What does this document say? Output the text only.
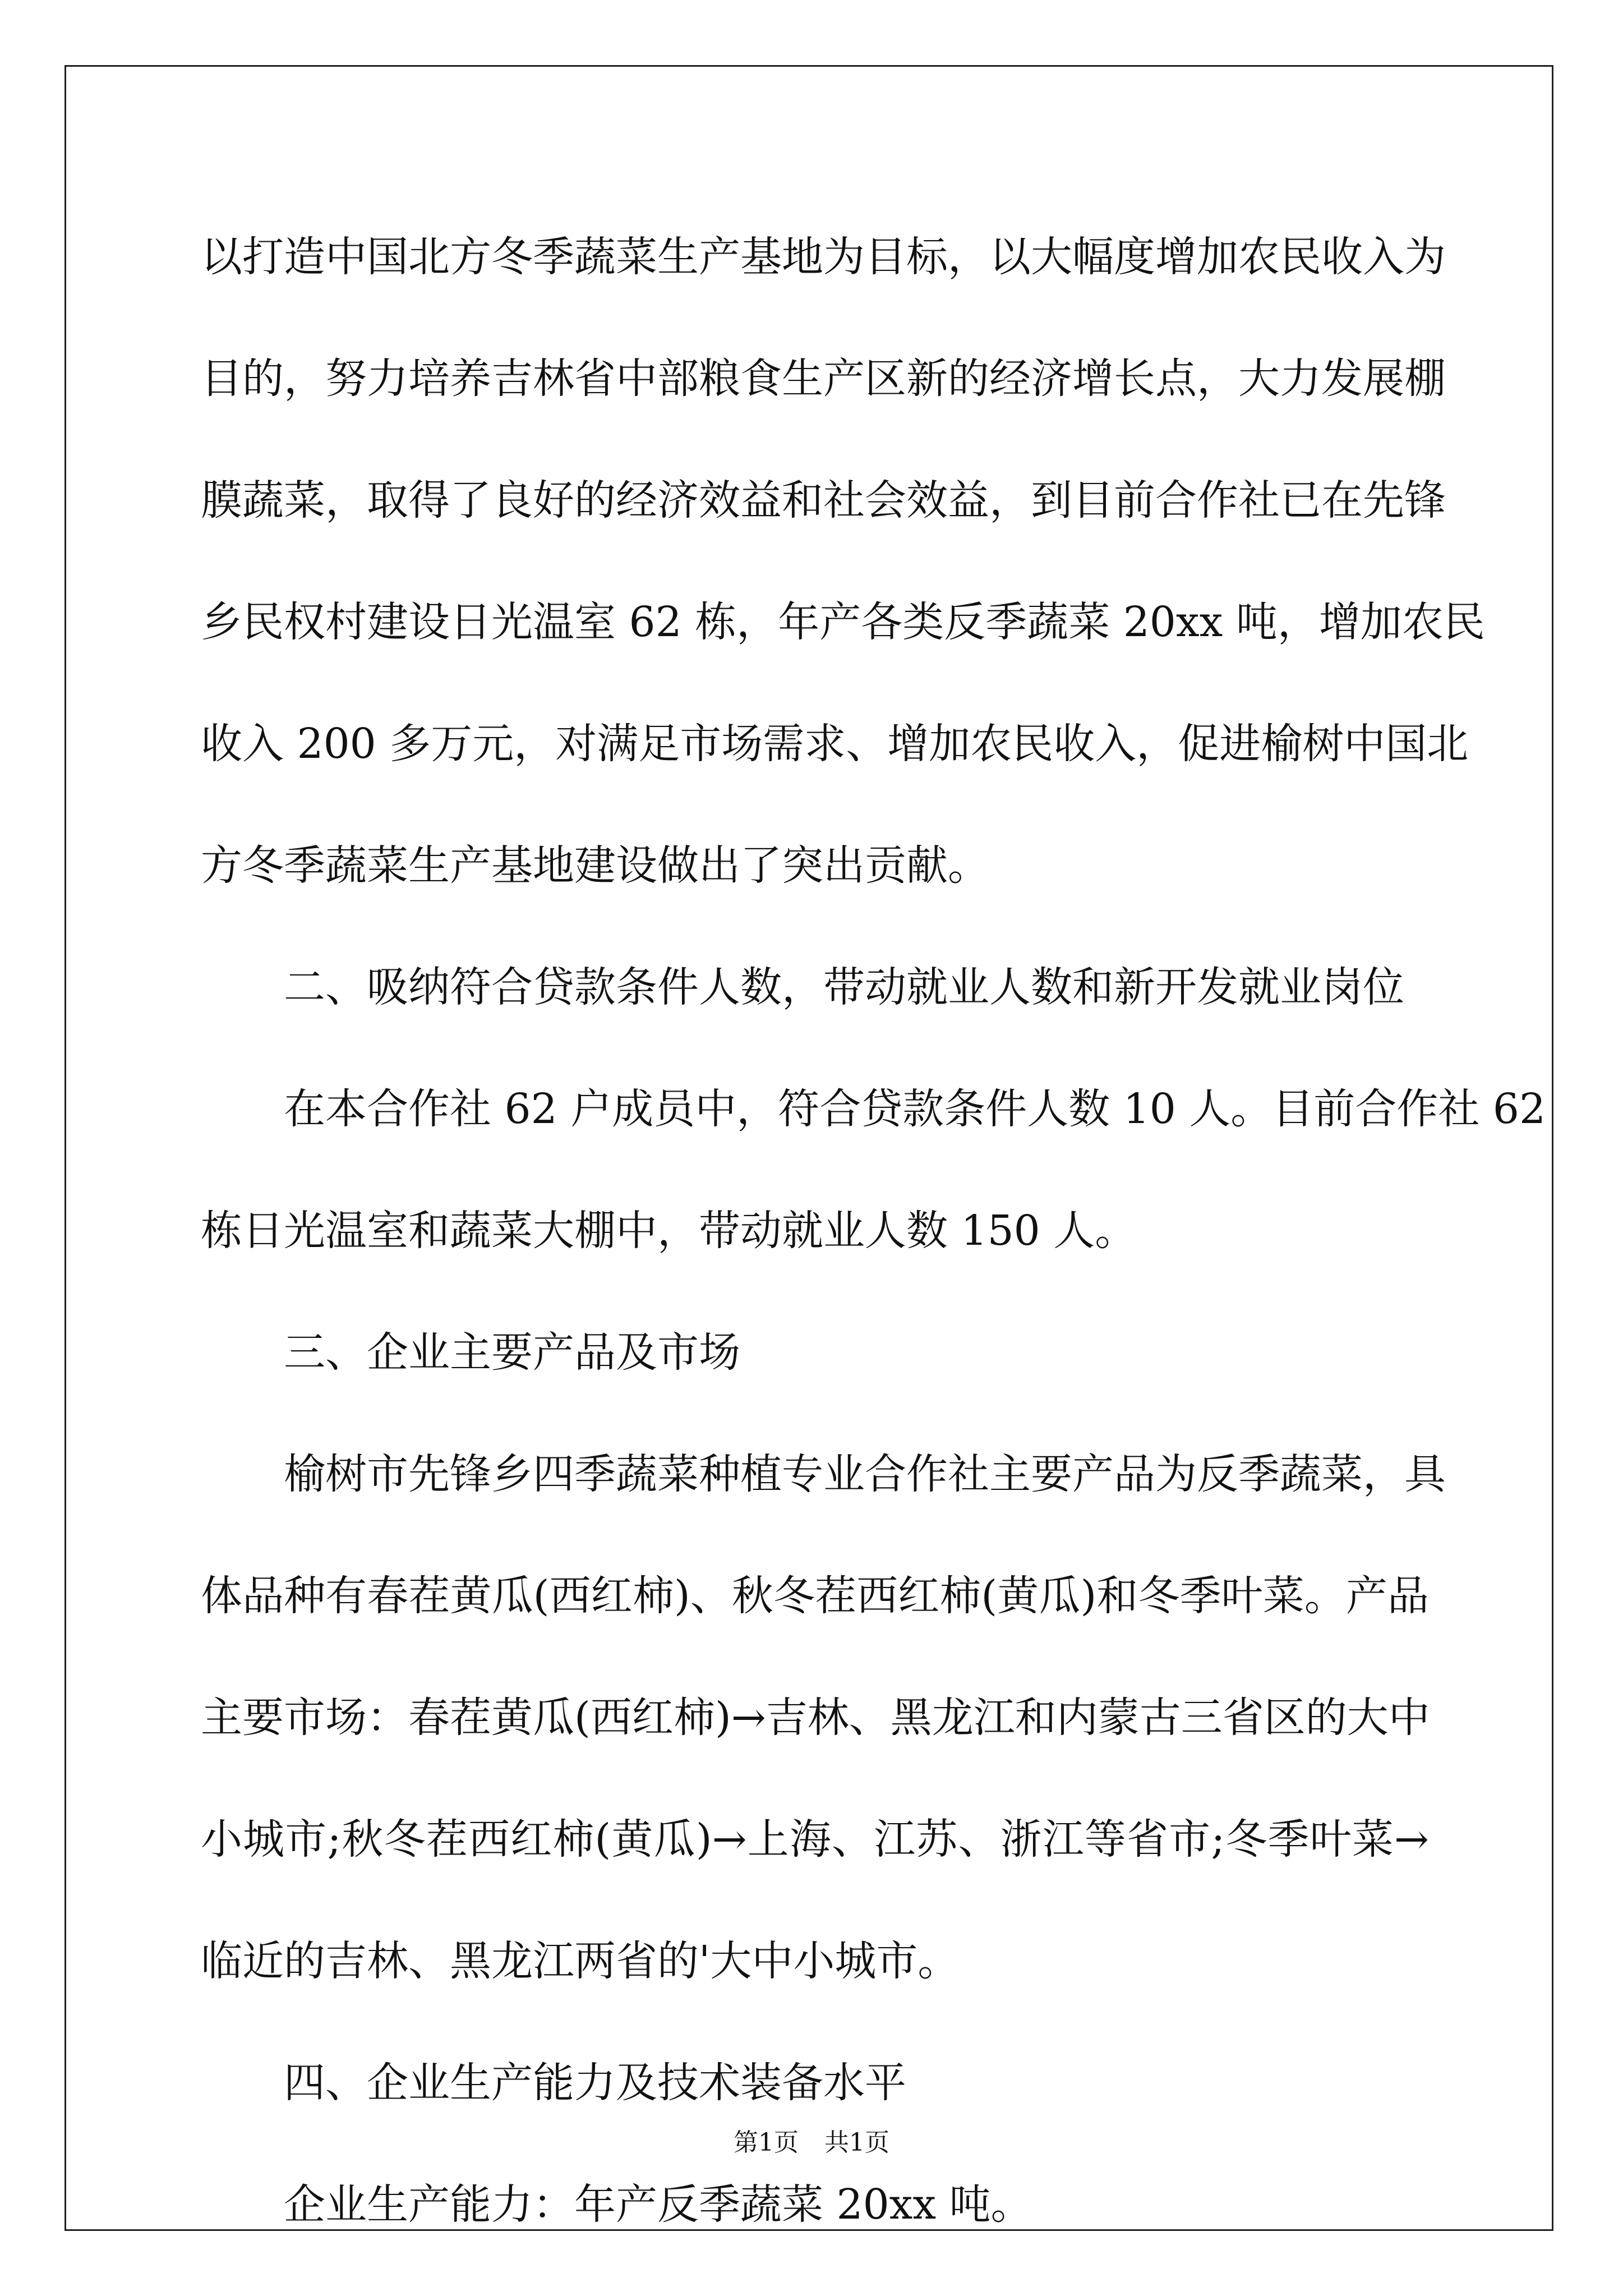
以打造中国北方冬季蔬菜生产基地为目标，以大幅度增加农民收入为
目的，努力培养吉林省中部粮食生产区新的经济增长点，大力发展棚
膜蔬菜，取得了良好的经济效益和社会效益，到目前合作社已在先锋
乡民权村建设日光温室 62 栋，年产各类反季蔬菜 20xx 吨，增加农民
收入 200 多万元，对满足市场需求、增加农民收入，促进榆树中国北
方冬季蔬菜生产基地建设做出了突出贡献。
二、吸纳符合贷款条件人数，带动就业人数和新开发就业岗位
在本合作社 62 户成员中，符合贷款条件人数 10 人。目前合作社 62
栋日光温室和蔬菜大棚中，带动就业人数 150 人。
三、企业主要产品及市场
榆树市先锋乡四季蔬菜种植专业合作社主要产品为反季蔬菜，具
体品种有春茬黄瓜(西红柿)、秋冬茬西红柿(黄瓜)和冬季叶菜。产品
主要市场：春茬黄瓜(西红柿)→吉林、黑龙江和内蒙古三省区的大中
小城市;秋冬茬西红柿(黄瓜)→上海、江苏、浙江等省市;冬季叶菜→
临近的吉林、黑龙江两省的'大中小城市。
四、企业生产能力及技术装备水平
企业生产能力：年产反季蔬菜 20xx 吨。
第1页 共1页
